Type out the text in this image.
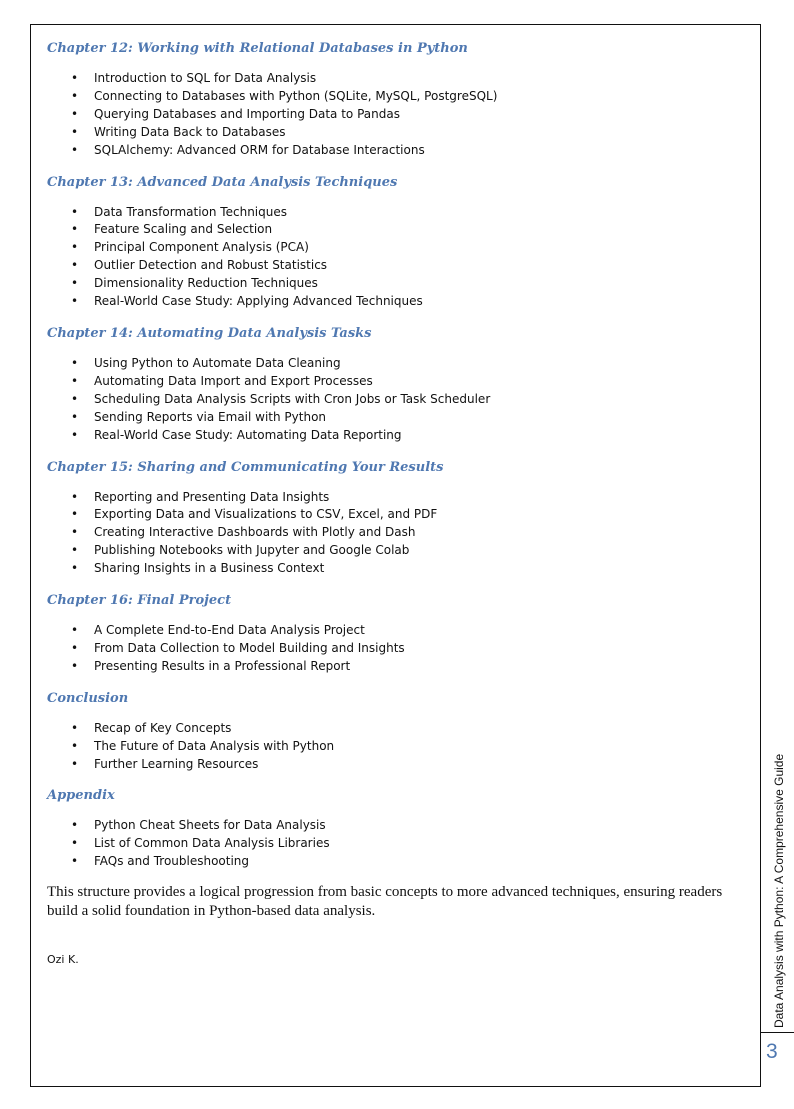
Chapter 12: Working with Relational Databases in Python
• Introduction to SQL for Data Analysis
• Connecting to Databases with Python (SQLite, MySQL, PostgreSQL)
• Querying Databases and Importing Data to Pandas
• Writing Data Back to Databases
• SQLAlchemy: Advanced ORM for Database Interactions
Chapter 13: Advanced Data Analysis Techniques
• Data Transformation Techniques
• Feature Scaling and Selection
• Principal Component Analysis (PCA)
• Outlier Detection and Robust Statistics
• Dimensionality Reduction Techniques
• Real-World Case Study: Applying Advanced Techniques
Chapter 14: Automating Data Analysis Tasks
• Using Python to Automate Data Cleaning
• Automating Data Import and Export Processes
• Scheduling Data Analysis Scripts with Cron Jobs or Task Scheduler
• Sending Reports via Email with Python
• Real-World Case Study: Automating Data Reporting
Chapter 15: Sharing and Communicating Your Results
• Reporting and Presenting Data Insights
• Exporting Data and Visualizations to CSV, Excel, and PDF
• Creating Interactive Dashboards with Plotly and Dash
• Publishing Notebooks with Jupyter and Google Colab
• Sharing Insights in a Business Context
Chapter 16: Final Project
• A Complete End-to-End Data Analysis Project
• From Data Collection to Model Building and Insights
• Presenting Results in a Professional Report
Conclusion
• Recap of Key Concepts
• The Future of Data Analysis with Python
• Further Learning Resources
Appendix
• Python Cheat Sheets for Data Analysis
• List of Common Data Analysis Libraries
• FAQs and Troubleshooting

This structure provides a logical progression from basic concepts to more advanced techniques, ensuring readers build a solid foundation in Python-based data analysis.

Ozi K.	Data Analysis with Python: A Comprehensive Guide
3
